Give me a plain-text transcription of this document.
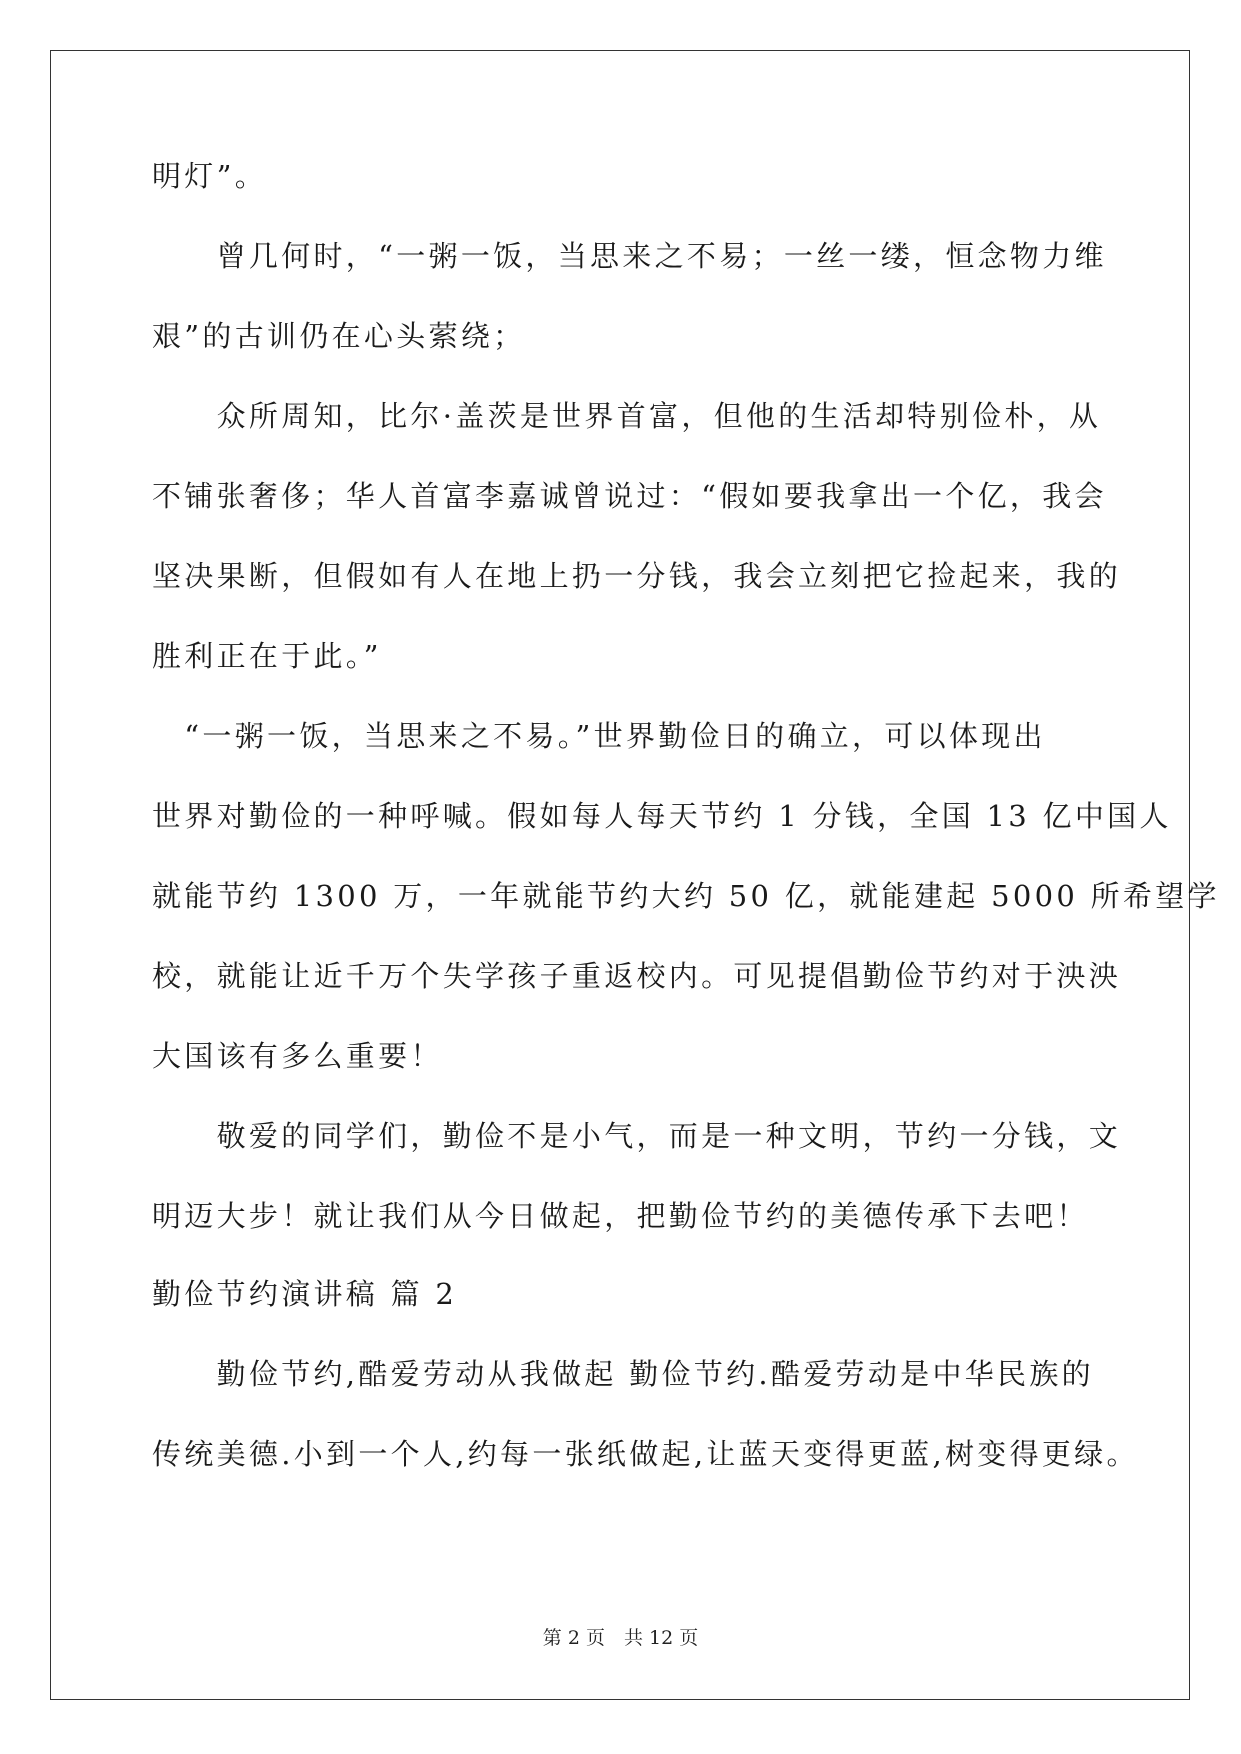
明灯”。
　　曾几何时，“一粥一饭，当思来之不易；一丝一缕，恒念物力维
艰”的古训仍在心头萦绕；
　　众所周知，比尔·盖茨是世界首富，但他的生活却特别俭朴，从
不铺张奢侈；华人首富李嘉诚曾说过：“假如要我拿出一个亿，我会
坚决果断，但假如有人在地上扔一分钱，我会立刻把它捡起来，我的
胜利正在于此。”
　“一粥一饭，当思来之不易。”世界勤俭日的确立，可以体现出
世界对勤俭的一种呼喊。假如每人每天节约 1 分钱，全国 13 亿中国人
就能节约 1300 万，一年就能节约大约 50 亿，就能建起 5000 所希望学
校，就能让近千万个失学孩子重返校内。可见提倡勤俭节约对于泱泱
大国该有多么重要！
　　敬爱的同学们，勤俭不是小气，而是一种文明，节约一分钱，文
明迈大步！就让我们从今日做起，把勤俭节约的美德传承下去吧！
勤俭节约演讲稿 篇 2
　　勤俭节约,酷爱劳动从我做起 勤俭节约.酷爱劳动是中华民族的
传统美德.小到一个人,约每一张纸做起,让蓝天变得更蓝,树变得更绿。
第 2 页　共 12 页
